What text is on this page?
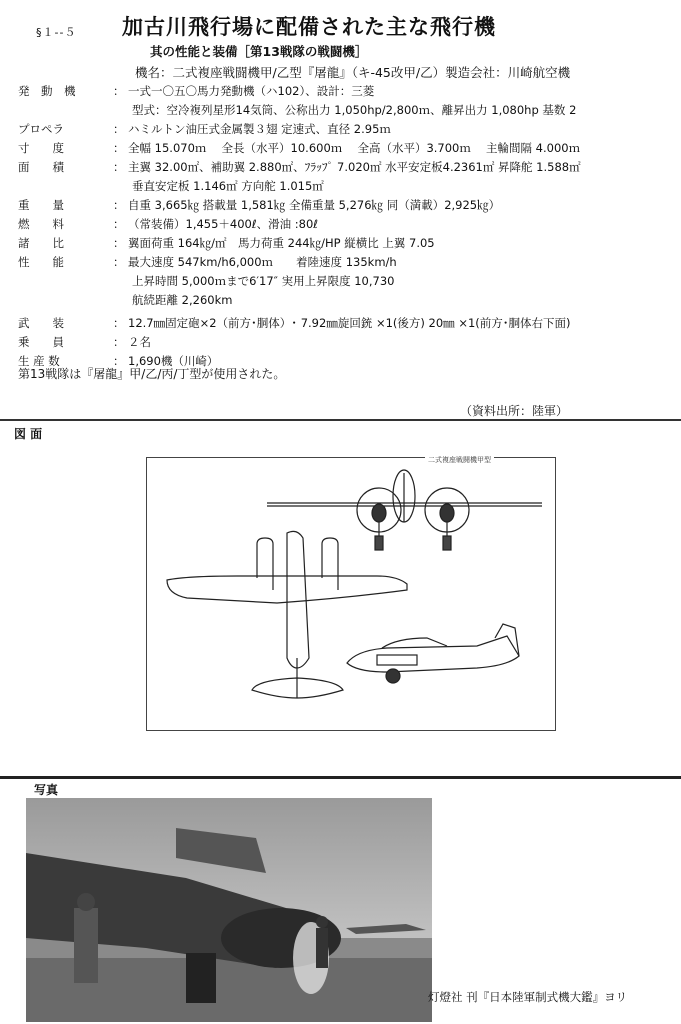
§１--５ 加古川飛行場に配備された主な飛行機
其の性能と装備［第13戦隊の戦闘機］
機名：二式複座戦闘機甲/乙型『屠龍』（キ-45改甲/乙）製造会社：川崎航空機
発　動　機	： 一式一〇五〇馬力発動機（ハ102）、設計：三菱
型式：空冷複列星形14気筒、公称出力 1,050hp/2,800ｍ、離昇出力 1,080hp 基数 2
プロペラ	： ハミルトン油圧式金属製３翅 定速式、直径 2.95ｍ
寸　　度	： 全幅 15.070ｍ　 全長（水平）10.600ｍ　 全高（水平）3.700ｍ　 主輪間隔 4.000ｍ
面　　積	： 主翼 32.00㎡、補助翼 2.880㎡、ﾌﾗｯﾌﾟ 7.020㎡ 水平安定板4.2361㎡ 昇降舵 1.588㎡
垂直安定板 1.146㎡ 方向舵 1.015㎡
重　　量	： 自重 3,665㎏ 搭載量 1,581㎏ 全備重量 5,276㎏ 同（満載）2,925㎏）
燃　　料	： （常装備）1,455＋400ℓ、滑油 :80ℓ
諸　　比	： 翼面荷重 164㎏/㎡　馬力荷重 244㎏/HP 縦横比 上翼 7.05
性　　能	： 最大速度 547km/h6,000ｍ　　着陸速度 135km/h
上昇時間 5,000ｍまで6′17″ 実用上昇限度 10,730
航続距離 2,260km
武　　装	： 12.7㎜固定砲×2（前方･胴体）･ 7.92㎜旋回銃 ×1(後方) 20㎜ ×1(前方･胴体右下面)
乗　　員	： ２名
生 産 数	： 1,690機（川崎）
第13戦隊は『屠龍』甲/乙/丙/丁型が使用された。
（資料出所：陸軍）
図 面
二式複座戦闘機甲型
写真
灯燈社 刊『日本陸軍制式機大鑑』ヨリ
